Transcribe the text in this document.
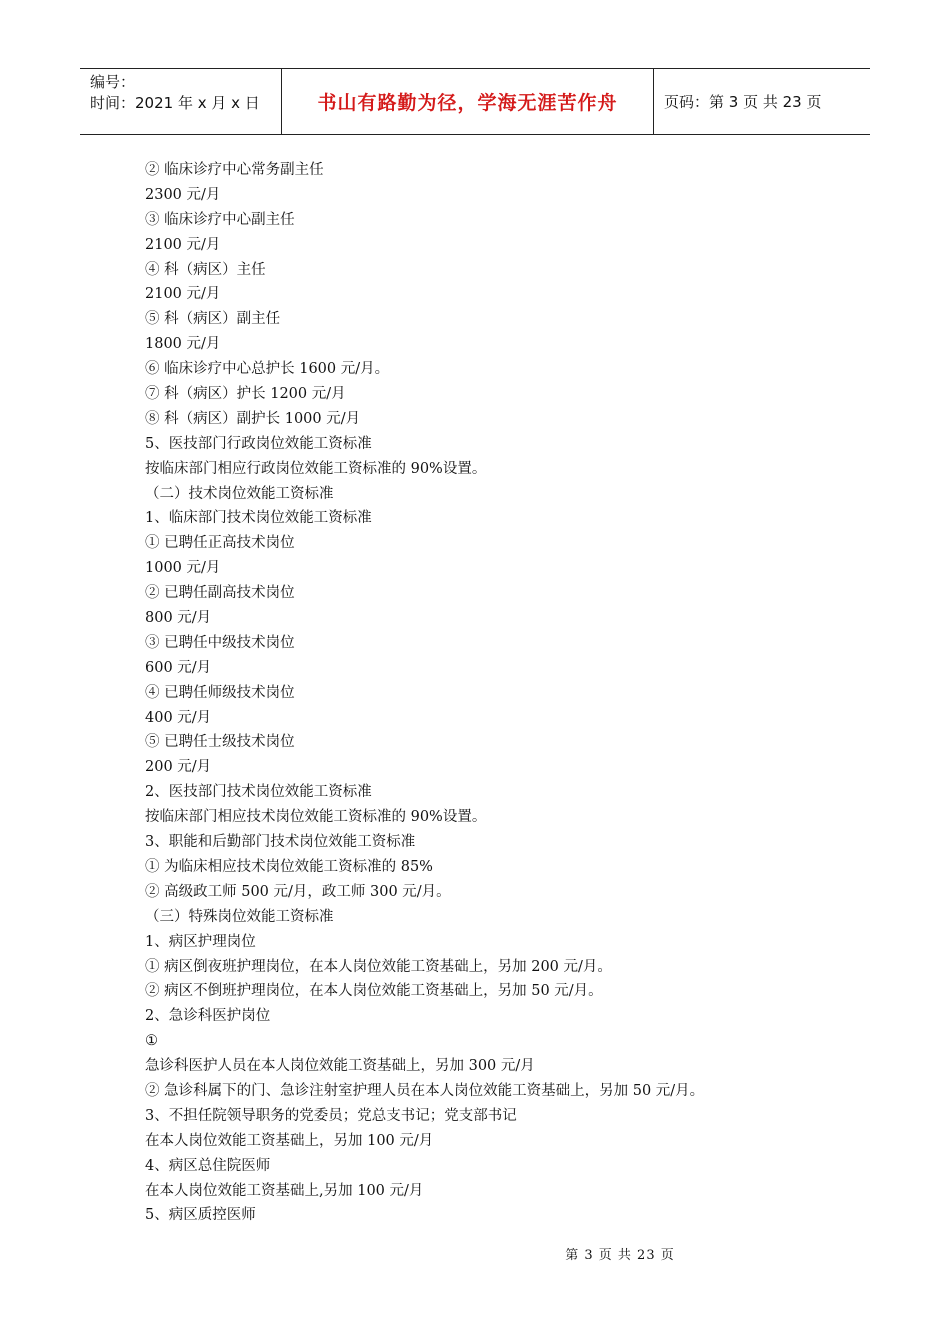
编号：
时间：2021 年 x 月 x 日	书山有路勤为径，学海无涯苦作舟	页码：第 3 页 共 23 页
② 临床诊疗中心常务副主任
2300 元/月
③ 临床诊疗中心副主任
2100 元/月
④ 科（病区）主任
2100 元/月
⑤ 科（病区）副主任
1800 元/月
⑥ 临床诊疗中心总护长 1600 元/月。
⑦ 科（病区）护长 1200 元/月
⑧ 科（病区）副护长 1000 元/月
5、医技部门行政岗位效能工资标准
按临床部门相应行政岗位效能工资标准的 90%设置。
（二）技术岗位效能工资标准
1、临床部门技术岗位效能工资标准
① 已聘任正高技术岗位
1000 元/月
② 已聘任副高技术岗位
800 元/月
③ 已聘任中级技术岗位
600 元/月
④ 已聘任师级技术岗位
400 元/月
⑤ 已聘任士级技术岗位
200 元/月
2、医技部门技术岗位效能工资标准
按临床部门相应技术岗位效能工资标准的 90%设置。
3、职能和后勤部门技术岗位效能工资标准
① 为临床相应技术岗位效能工资标准的 85%
② 高级政工师 500 元/月，政工师 300 元/月。
（三）特殊岗位效能工资标准
1、病区护理岗位
① 病区倒夜班护理岗位，在本人岗位效能工资基础上，另加 200 元/月。
② 病区不倒班护理岗位，在本人岗位效能工资基础上，另加 50 元/月。
2、急诊科医护岗位
①
急诊科医护人员在本人岗位效能工资基础上，另加 300 元/月
② 急诊科属下的门、急诊注射室护理人员在本人岗位效能工资基础上，另加 50 元/月。
3、不担任院领导职务的党委员；党总支书记；党支部书记
在本人岗位效能工资基础上，另加 100 元/月
4、病区总住院医师
在本人岗位效能工资基础上,另加 100 元/月
5、病区质控医师
第 3 页 共 23 页
